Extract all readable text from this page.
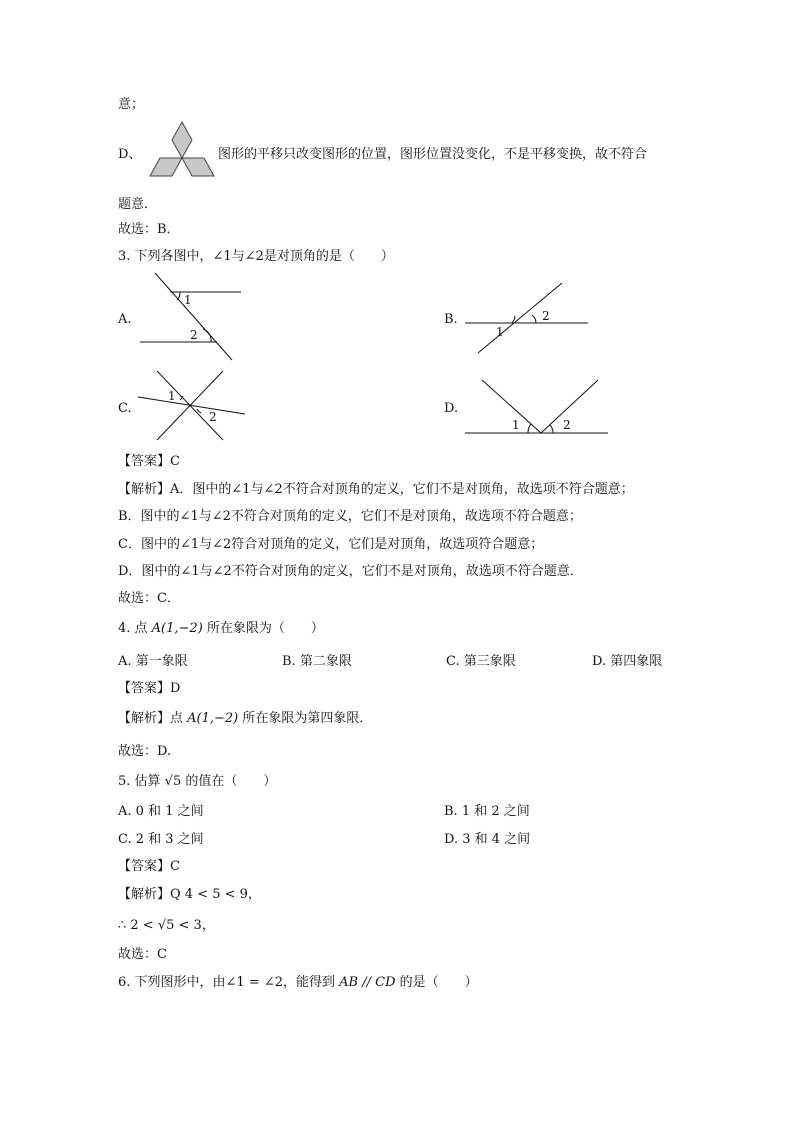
意；
D、	图形的平移只改变图形的位置，图形位置没变化，不是平移变换，故不符合
题意．
故选：B．
3. 下列各图中，∠1与∠2是对顶角的是（　　）
A.
1
2
B.
1
2
C.
1
2
D.
1	2
【答案】C
【解析】A．图中的∠1与∠2不符合对顶角的定义，它们不是对顶角，故选项不符合题意；
B．图中的∠1与∠2不符合对顶角的定义，它们不是对顶角，故选项不符合题意；
C．图中的∠1与∠2符合对顶角的定义，它们是对顶角，故选项符合题意；
D．图中的∠1与∠2不符合对顶角的定义，它们不是对顶角，故选项不符合题意．
故选：C．
4. 点 A(1,−2) 所在象限为（　　）
A. 第一象限	B. 第二象限	C. 第三象限	D. 第四象限
【答案】D
【解析】点 A(1,−2) 所在象限为第四象限．
故选：D.
5. 估算 √5 的值在（　　）
A. 0 和 1 之间	B. 1 和 2 之间
C. 2 和 3 之间	D. 3 和 4 之间
【答案】C
【解析】Q 4 < 5 < 9，
∴ 2 < √5 < 3，
故选：C
6. 下列图形中，由∠1 = ∠2，能得到 AB // CD 的是（　　）
